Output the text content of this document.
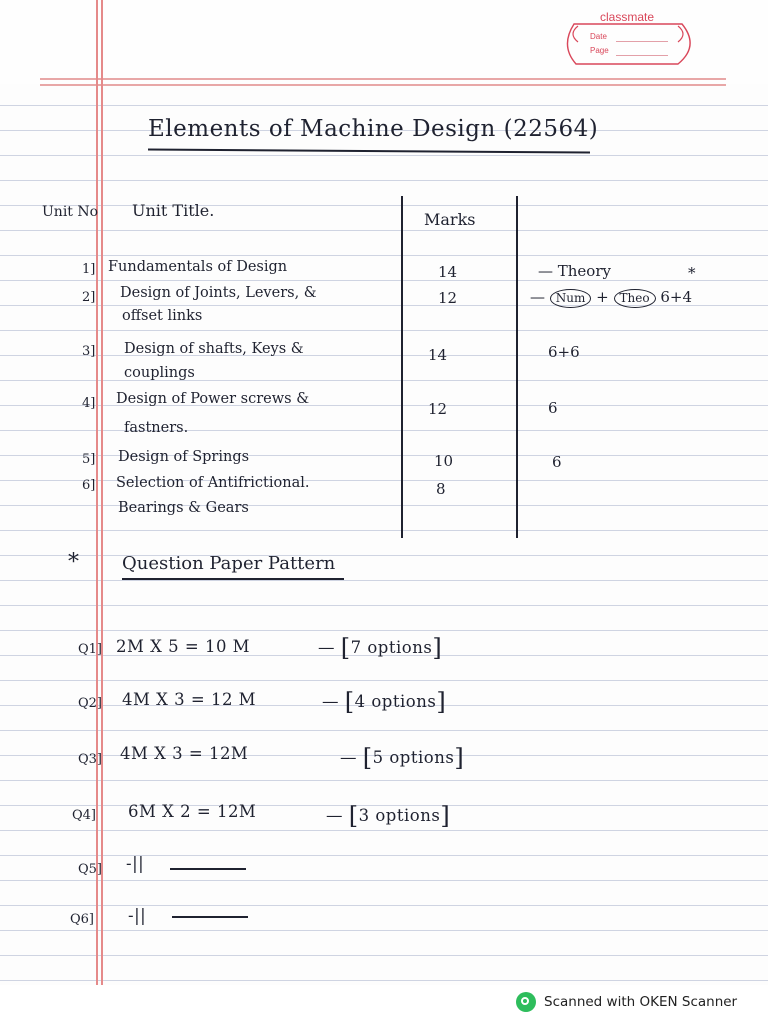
classmate
Date
Page
Elements of Machine Design (22564)
Unit No Unit Title.	Marks
1] Fundamentals of Design	14	— Theory	*
2] Design of Joints, Levers, &
offset links
12	— Num + Theo 6+4
3] Design of shafts, Keys &
couplings
14	6+6
4] Design of Power screws &
fastners.
12	6
5] Design of Springs	10	6
6] Selection of Antifrictional.
Bearings & Gears
8
* Question Paper Pattern
Q1] 2M X 5 = 10 M	— [7 options]
Q2] 4M X 3 = 12 M	— [4 options]
Q3] 4M X 3 = 12M	— [5 options]
Q4] 6M X 2 = 12M	— [3 options]
Q5] -||
Q6] -||
Scanned with OKEN Scanner
